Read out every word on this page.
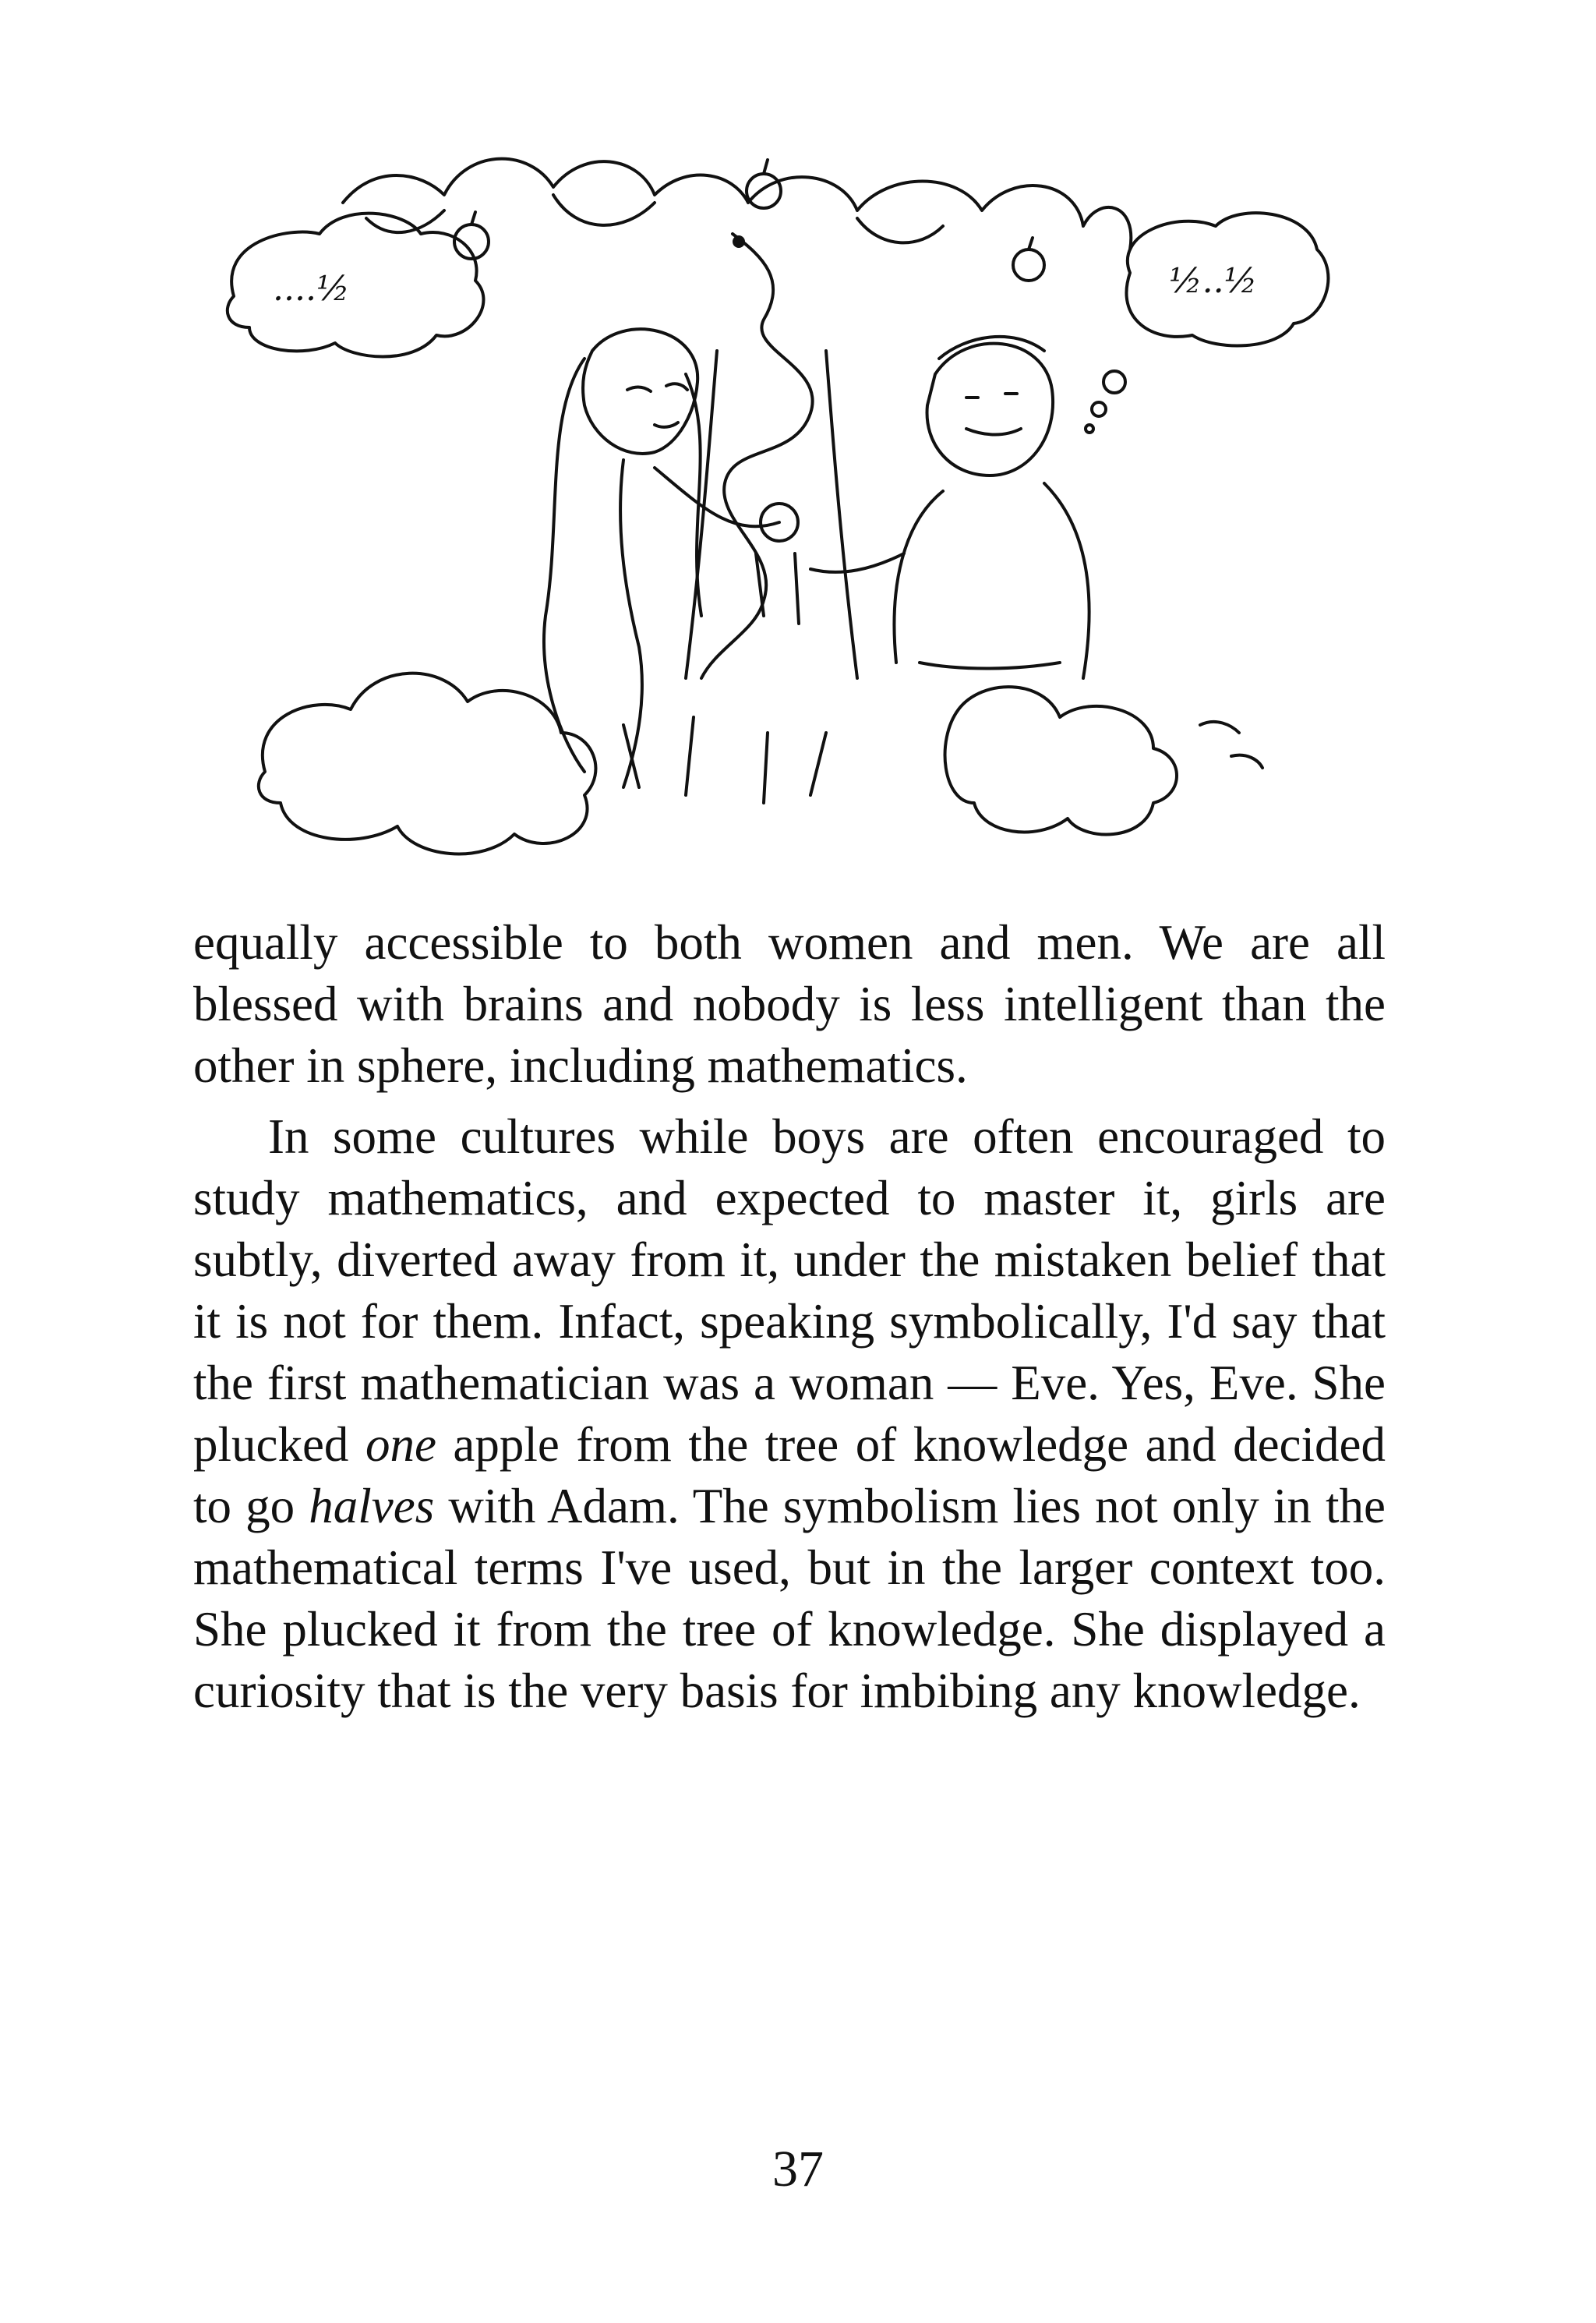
....½	½..½

equally accessible to both women and men. We are all blessed with brains and nobody is less intelligent than the other in sphere, including mathematics.

In some cultures while boys are often encouraged to study mathematics, and expected to master it, girls are subtly, diverted away from it, under the mistaken belief that it is not for them. Infact, speaking symbolically, I'd say that the first mathematician was a woman — Eve. Yes, Eve. She plucked one apple from the tree of knowledge and decided to go halves with Adam. The symbolism lies not only in the mathematical terms I've used, but in the larger context too. She plucked it from the tree of knowledge. She displayed a curiosity that is the very basis for imbibing any knowledge.

37
